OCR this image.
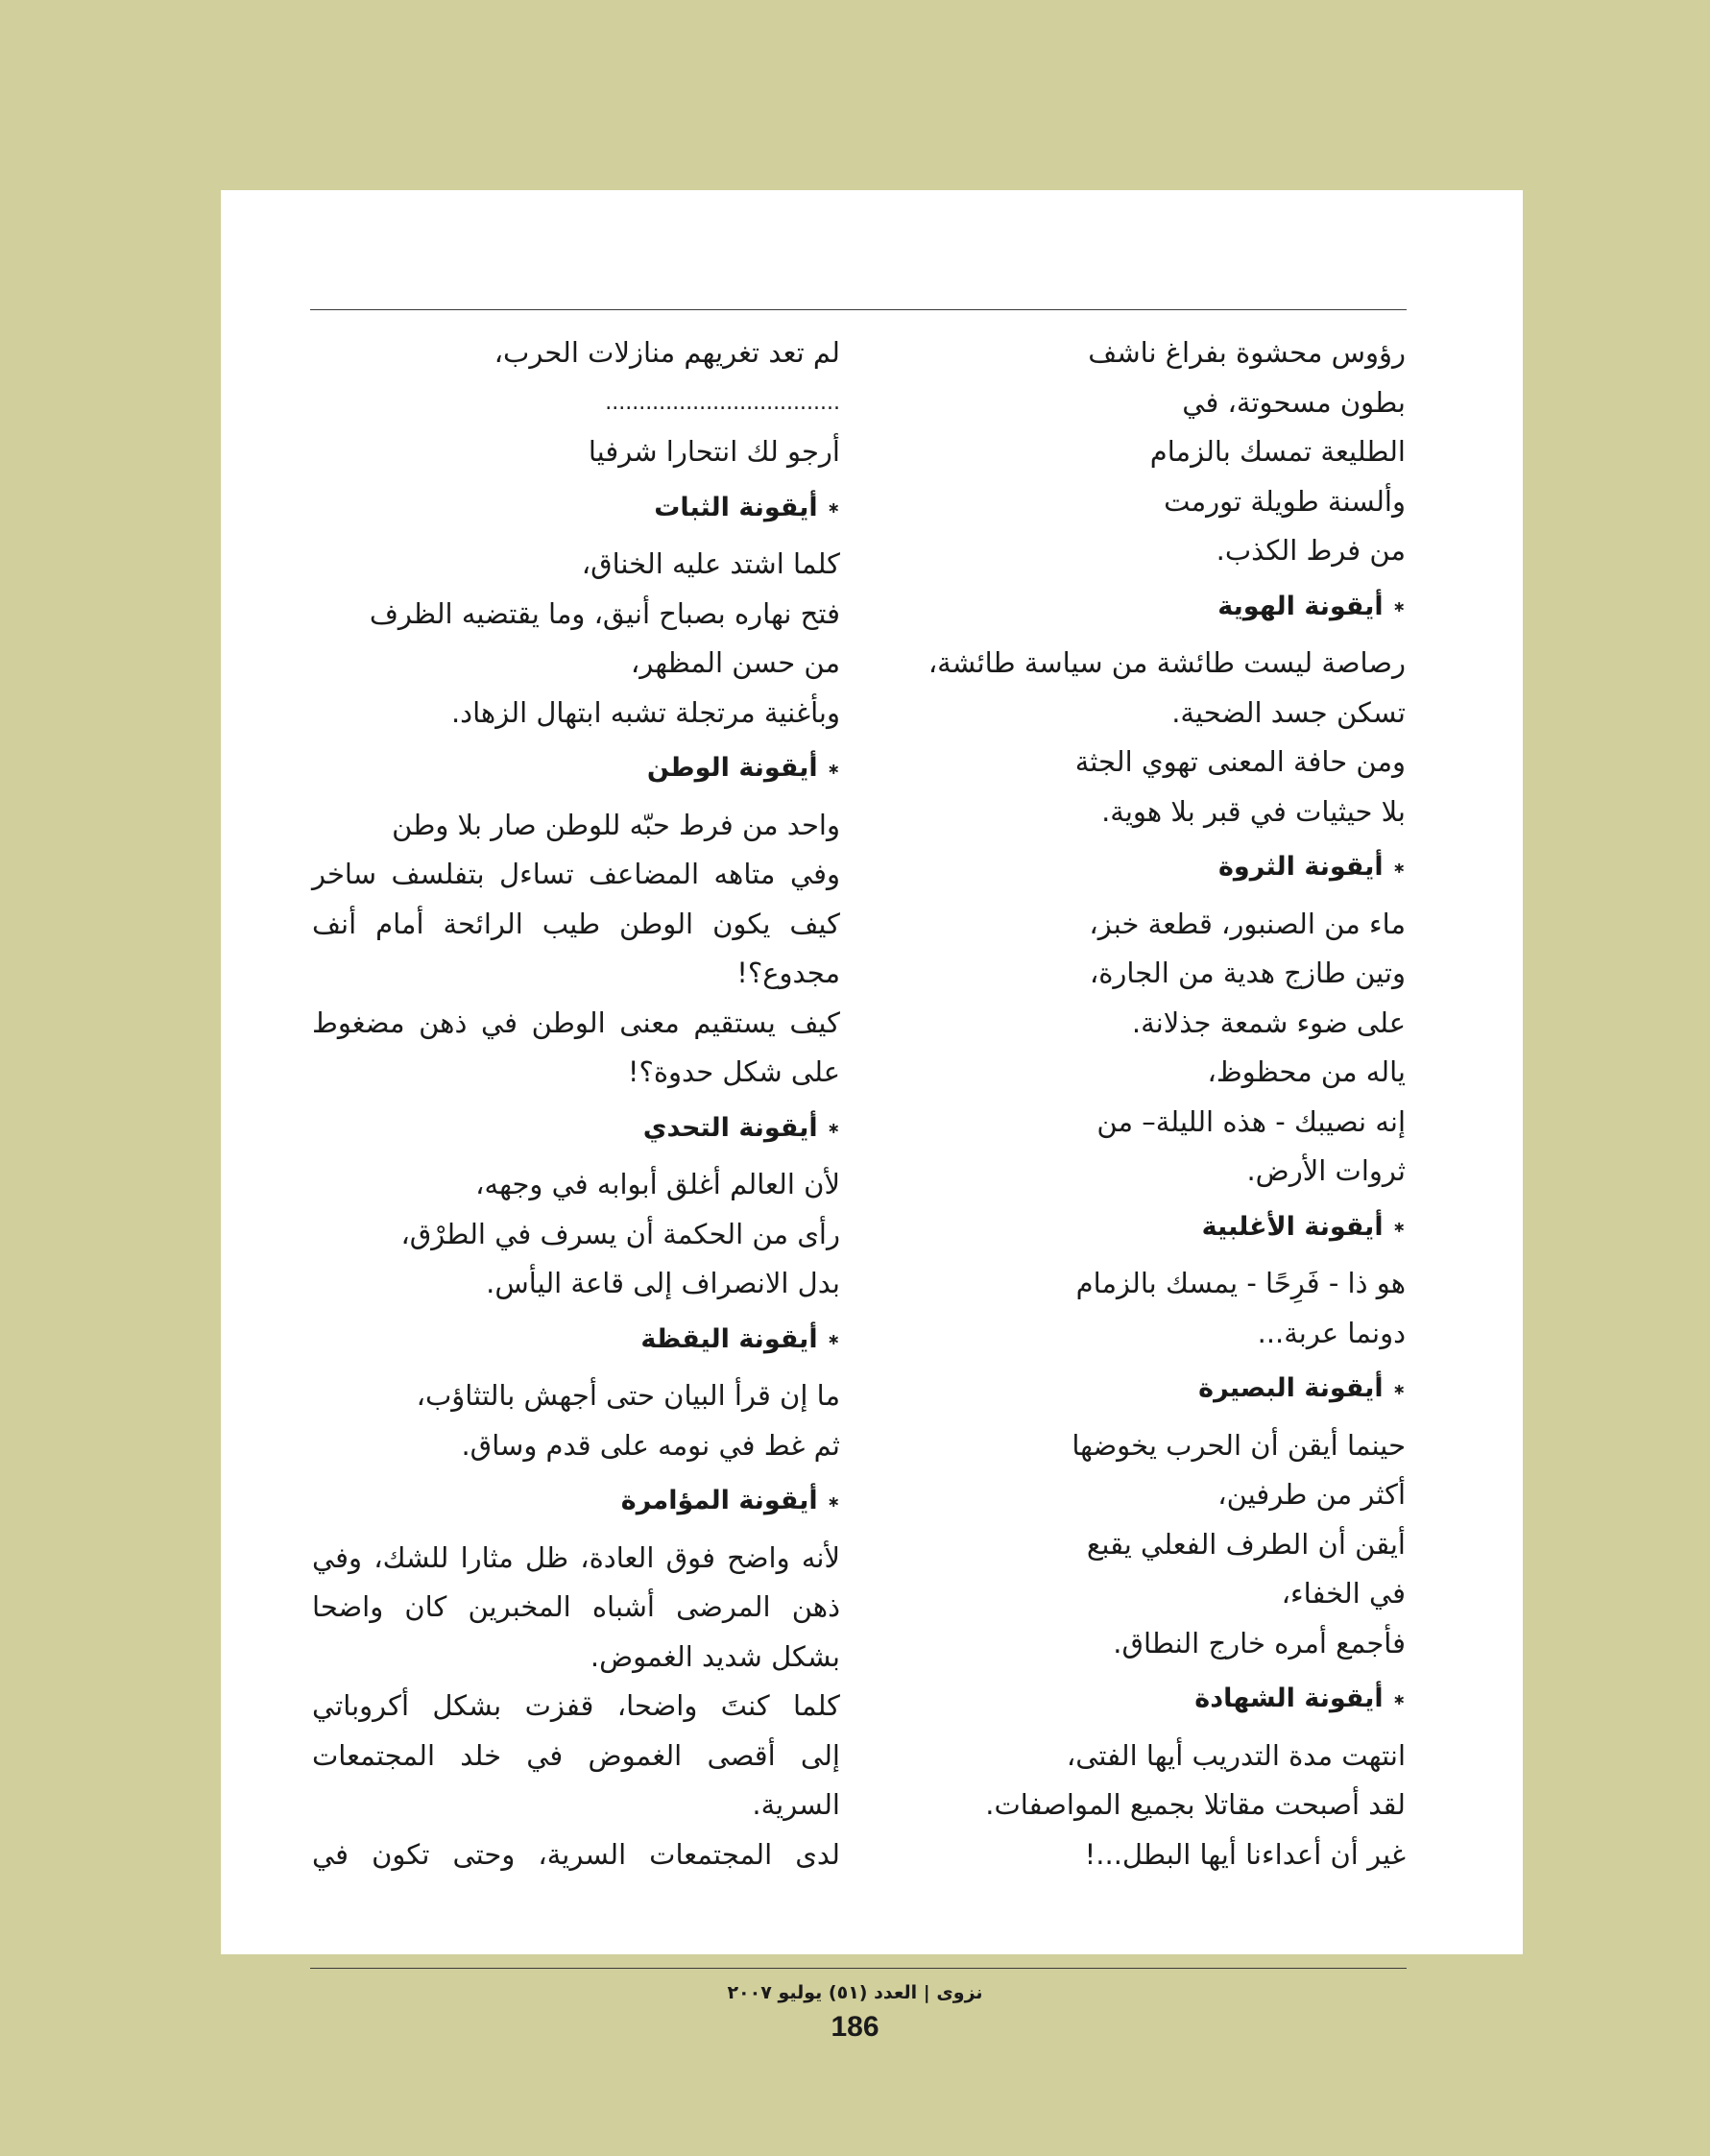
رؤوس محشوة بفراغ ناشف
بطون مسحوتة، في
الطليعة تمسك بالزمام
وألسنة طويلة تورمت
من فرط الكذب.
∗أيقونة الهوية
رصاصة ليست طائشة من سياسة طائشة،
تسكن جسد الضحية.
ومن حافة المعنى تهوي الجثة
بلا حيثيات في قبر بلا هوية.
∗أيقونة الثروة
ماء من الصنبور، قطعة خبز،
وتين طازج هدية من الجارة،
على ضوء شمعة جذلانة.
ياله من محظوظ،
إنه نصيبك - هذه الليلة– من
ثروات الأرض.
∗أيقونة الأغلبية
هو ذا - فَرِحًا - يمسك بالزمام
دونما عربة...
∗أيقونة البصيرة
حينما أيقن أن الحرب يخوضها
أكثر من طرفين،
أيقن أن الطرف الفعلي يقبع
في الخفاء،
فأجمع أمره خارج النطاق.
∗أيقونة الشهادة
انتهت مدة التدريب أيها الفتى،
لقد أصبحت مقاتلا بجميع المواصفات.
غير أن أعداءنا أيها البطل...!
لم تعد تغريهم منازلات الحرب،
...................................
أرجو لك انتحارا شرفيا
∗أيقونة الثبات
كلما اشتد عليه الخناق،
فتح نهاره بصباح أنيق، وما يقتضيه الظرف
من حسن المظهر،
وبأغنية مرتجلة تشبه ابتهال الزهاد.
∗أيقونة الوطن
واحد من فرط حبّه للوطن صار بلا وطن
وفي متاهه المضاعف تساءل بتفلسف ساخر
كيف يكون الوطن طيب الرائحة أمام أنف
مجدوع؟!
كيف يستقيم معنى الوطن في ذهن مضغوط
على شكل حدوة؟!
∗أيقونة التحدي
لأن العالم أغلق أبوابه في وجهه،
رأى من الحكمة أن يسرف في الطرْق،
بدل الانصراف إلى قاعة اليأس.
∗أيقونة اليقظة
ما إن قرأ البيان حتى أجهش بالتثاؤب،
ثم غط في نومه على قدم وساق.
∗أيقونة المؤامرة
لأنه واضح فوق العادة، ظل مثارا للشك، وفي
ذهن المرضى أشباه المخبرين كان واضحا
بشكل شديد الغموض.
كلما كنتَ واضحا، قفزت بشكل أكروباتي
إلى أقصى الغموض في خلد المجتمعات
السرية.
لدى المجتمعات السرية، وحتى تكون في
نزوى | العدد (٥١) يوليو ٢٠٠٧
186
